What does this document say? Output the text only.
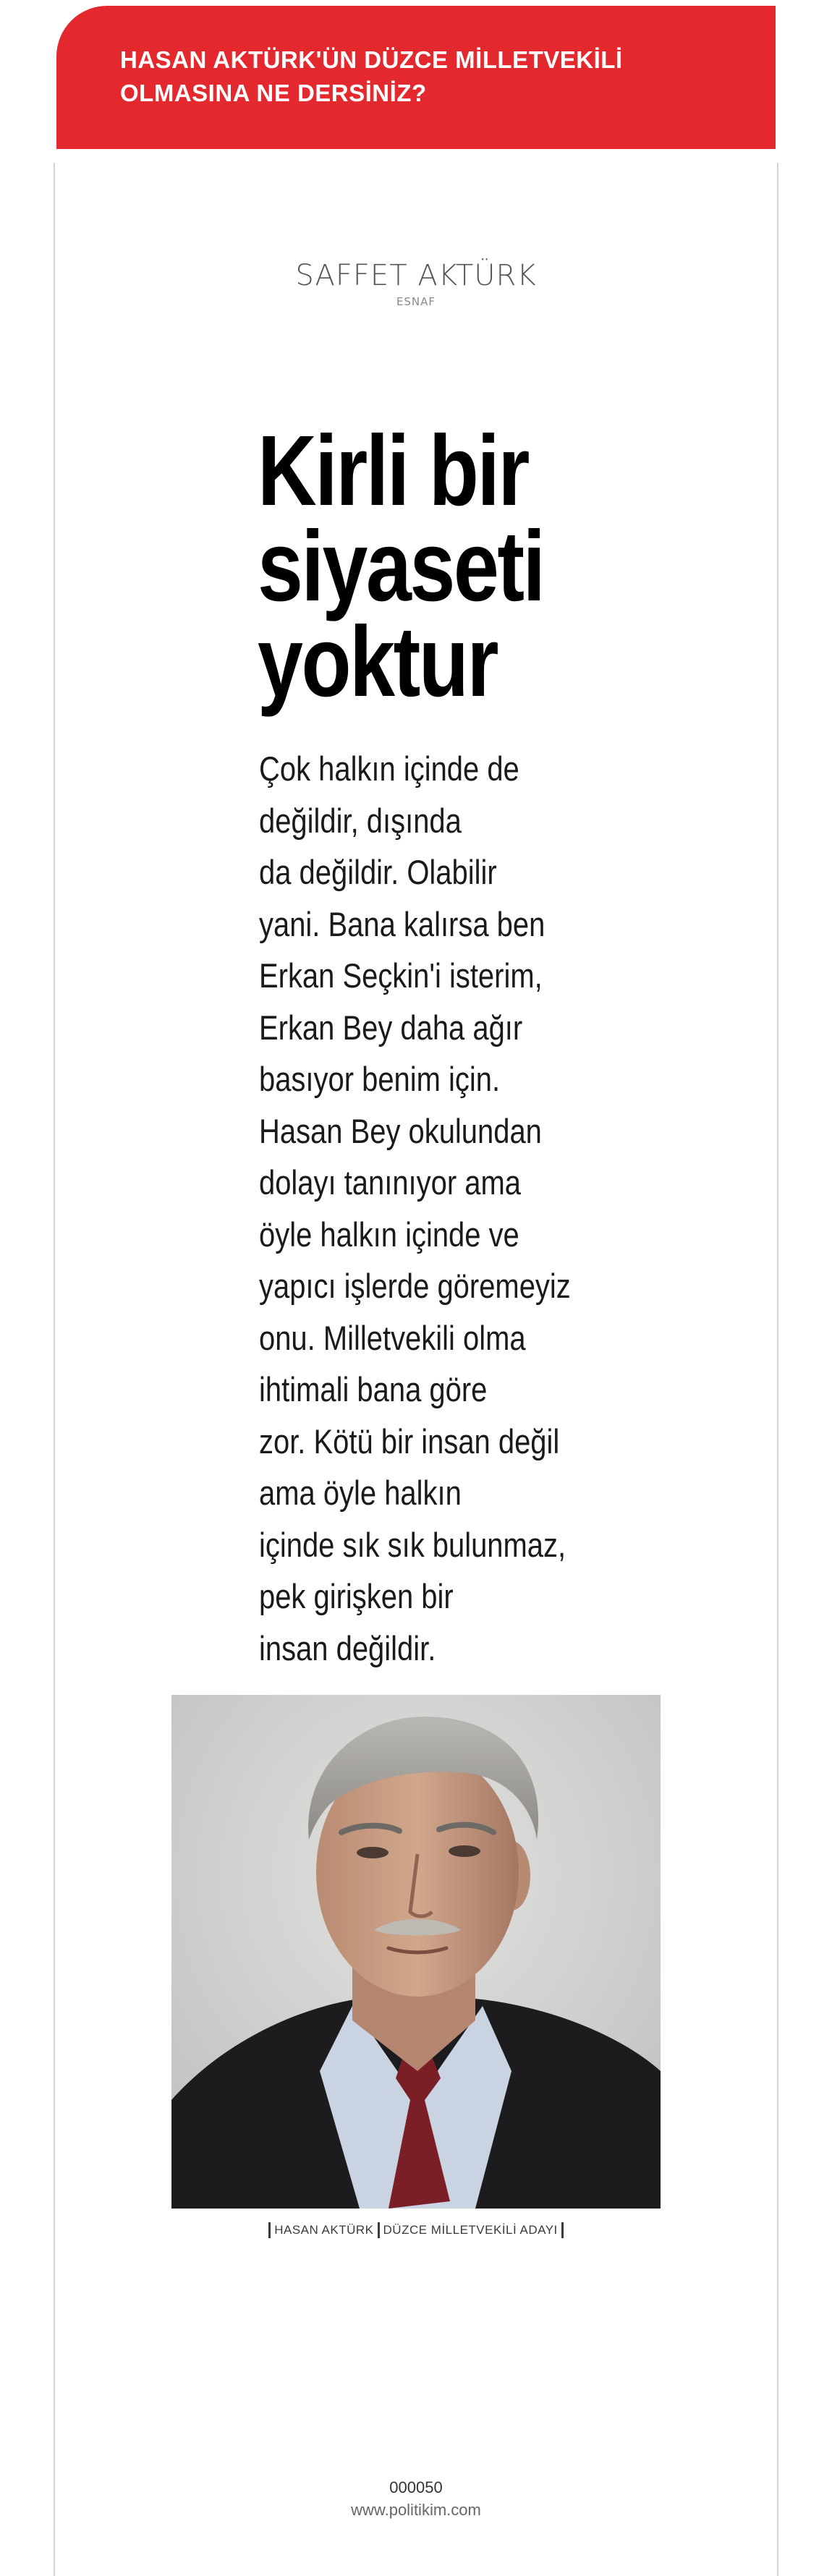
HASAN AKTÜRK'ÜN DÜZCE MİLLETVEKİLİ
OLMASINA NE DERSİNİZ?
SAFFET AKTÜRK
ESNAF
Kirli bir
siyaseti
yoktur
Çok halkın içinde de
değildir, dışında
da değildir. Olabilir
yani. Bana kalırsa ben
Erkan Seçkin'i isterim,
Erkan Bey daha ağır
basıyor benim için.
Hasan Bey okulundan
dolayı tanınıyor ama
öyle halkın içinde ve
yapıcı işlerde göremeyiz
onu. Milletvekili olma
ihtimali bana göre
zor. Kötü bir insan değil
ama öyle halkın
içinde sık sık bulunmaz,
pek girişken bir
insan değildir.
HASAN AKTÜRK DÜZCE MİLLETVEKİLİ ADAYI
000050
www.politikim.com
